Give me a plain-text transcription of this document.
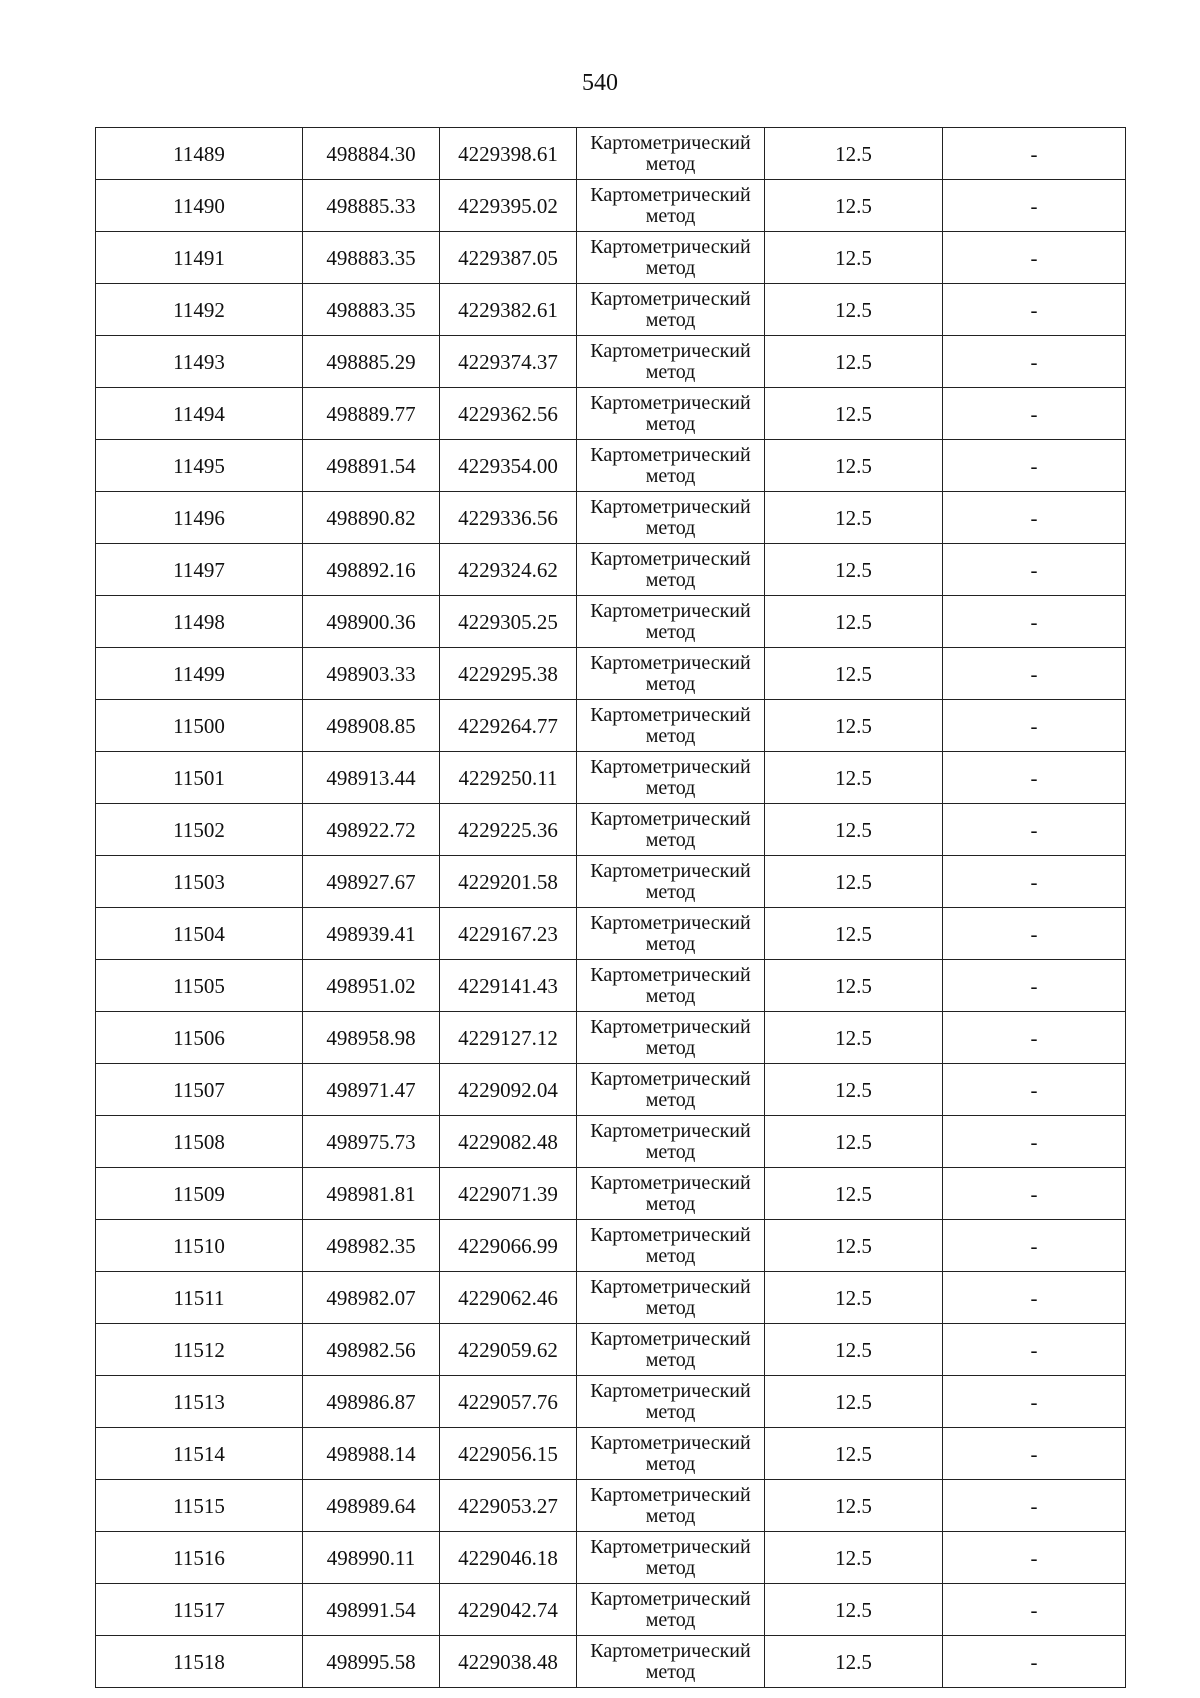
540
11489	498884.30	4229398.61	Картометрический метод	12.5	-
11490	498885.33	4229395.02	Картометрический метод	12.5	-
11491	498883.35	4229387.05	Картометрический метод	12.5	-
11492	498883.35	4229382.61	Картометрический метод	12.5	-
11493	498885.29	4229374.37	Картометрический метод	12.5	-
11494	498889.77	4229362.56	Картометрический метод	12.5	-
11495	498891.54	4229354.00	Картометрический метод	12.5	-
11496	498890.82	4229336.56	Картометрический метод	12.5	-
11497	498892.16	4229324.62	Картометрический метод	12.5	-
11498	498900.36	4229305.25	Картометрический метод	12.5	-
11499	498903.33	4229295.38	Картометрический метод	12.5	-
11500	498908.85	4229264.77	Картометрический метод	12.5	-
11501	498913.44	4229250.11	Картометрический метод	12.5	-
11502	498922.72	4229225.36	Картометрический метод	12.5	-
11503	498927.67	4229201.58	Картометрический метод	12.5	-
11504	498939.41	4229167.23	Картометрический метод	12.5	-
11505	498951.02	4229141.43	Картометрический метод	12.5	-
11506	498958.98	4229127.12	Картометрический метод	12.5	-
11507	498971.47	4229092.04	Картометрический метод	12.5	-
11508	498975.73	4229082.48	Картометрический метод	12.5	-
11509	498981.81	4229071.39	Картометрический метод	12.5	-
11510	498982.35	4229066.99	Картометрический метод	12.5	-
11511	498982.07	4229062.46	Картометрический метод	12.5	-
11512	498982.56	4229059.62	Картометрический метод	12.5	-
11513	498986.87	4229057.76	Картометрический метод	12.5	-
11514	498988.14	4229056.15	Картометрический метод	12.5	-
11515	498989.64	4229053.27	Картометрический метод	12.5	-
11516	498990.11	4229046.18	Картометрический метод	12.5	-
11517	498991.54	4229042.74	Картометрический метод	12.5	-
11518	498995.58	4229038.48	Картометрический метод	12.5	-
